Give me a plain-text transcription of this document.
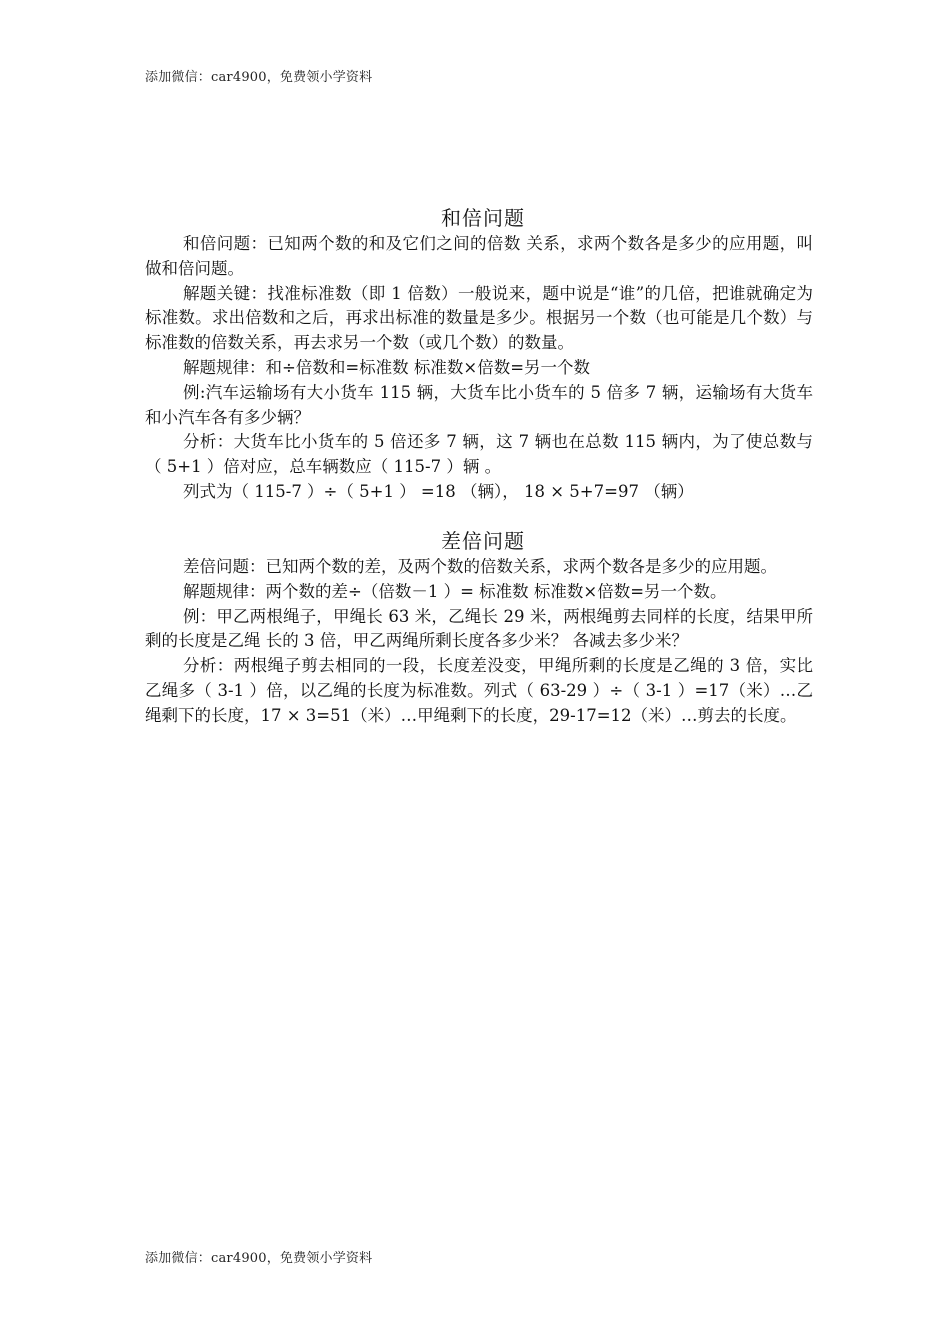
添加微信：car4900，免费领小学资料
和倍问题

和倍问题：已知两个数的和及它们之间的倍数 关系，求两个数各是多少的应用题，叫做和倍问题。

解题关键：找准标准数（即 1 倍数）一般说来，题中说是“谁”的几倍，把谁就确定为标准数。求出倍数和之后，再求出标准的数量是多少。根据另一个数（也可能是几个数）与标准数的倍数关系，再去求另一个数（或几个数）的数量。

解题规律：和÷倍数和=标准数 标准数×倍数=另一个数

例:汽车运输场有大小货车 115 辆，大货车比小货车的 5 倍多 7 辆，运输场有大货车和小汽车各有多少辆？

分析：大货车比小货车的 5 倍还多 7 辆，这 7 辆也在总数 115 辆内，为了使总数与（ 5+1 ）倍对应，总车辆数应（ 115-7 ）辆 。

列式为（ 115-7 ）÷（ 5+1 ） =18 （辆）， 18 × 5+7=97 （辆）

差倍问题

差倍问题：已知两个数的差，及两个数的倍数关系，求两个数各是多少的应用题。

解题规律：两个数的差÷（倍数－1 ）= 标准数 标准数×倍数=另一个数。

例：甲乙两根绳子，甲绳长 63 米，乙绳长 29 米，两根绳剪去同样的长度，结果甲所剩的长度是乙绳 长的 3 倍，甲乙两绳所剩长度各多少米？ 各减去多少米？

分析：两根绳子剪去相同的一段，长度差没变，甲绳所剩的长度是乙绳的 3 倍，实比乙绳多（ 3-1 ）倍，以乙绳的长度为标准数。列式（ 63-29 ）÷（ 3-1 ）=17（米）…乙绳剩下的长度，17 × 3=51（米）…甲绳剩下的长度，29-17=12（米）…剪去的长度。

添加微信：car4900，免费领小学资料
